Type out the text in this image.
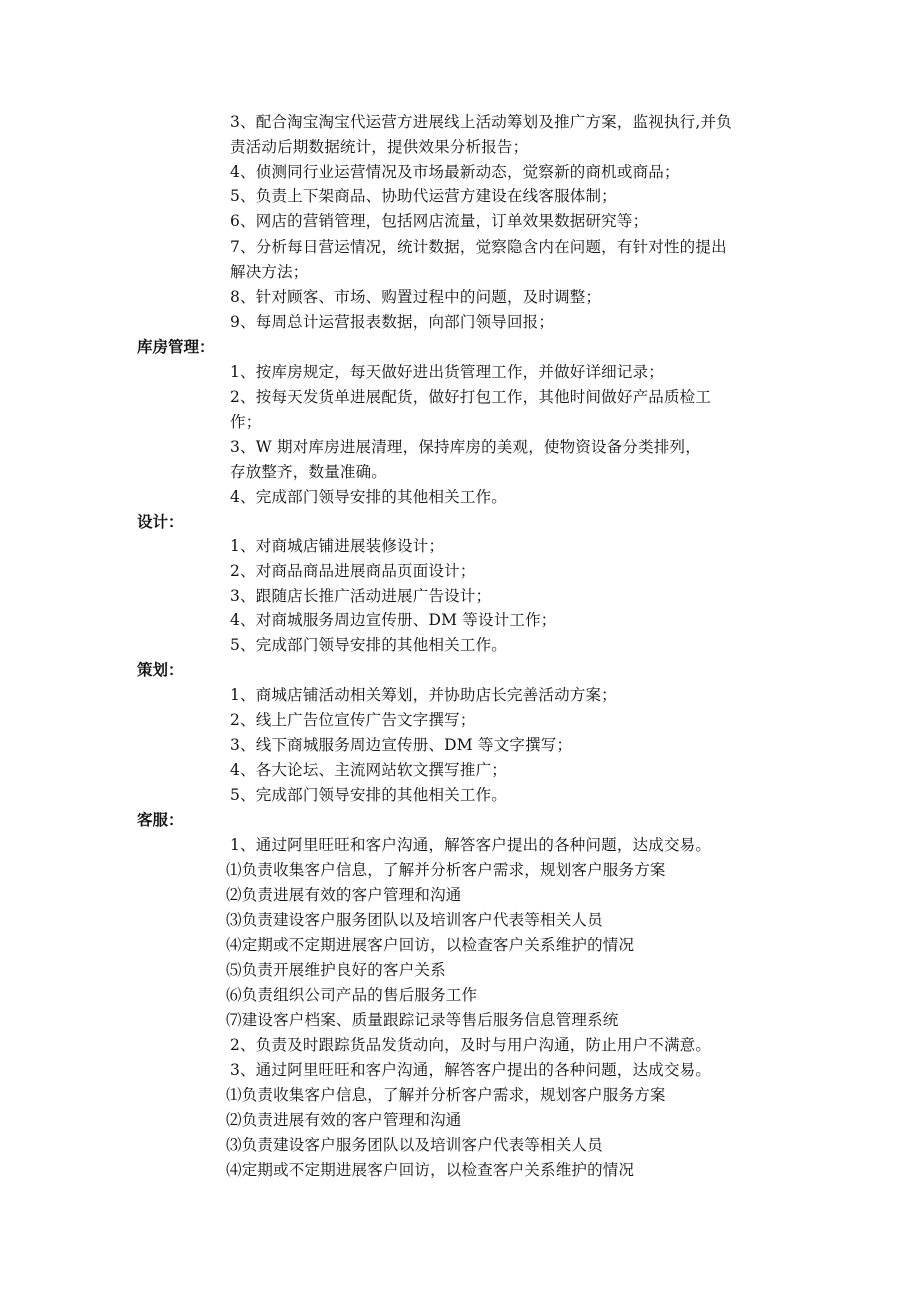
3、配合淘宝淘宝代运营方进展线上活动筹划及推广方案，监视执行,并负
责活动后期数据统计，提供效果分析报告；
4、侦测同行业运营情况及市场最新动态，觉察新的商机或商品；
5、负责上下架商品、协助代运营方建设在线客服体制；
6、网店的营销管理，包括网店流量，订单效果数据研究等；
7、分析每日营运情况，统计数据，觉察隐含内在问题，有针对性的提出
解决方法；
8、针对顾客、市场、购置过程中的问题，及时调整；
9、每周总计运营报表数据，向部门领导回报；
库房管理：
1、按库房规定，每天做好进出货管理工作，并做好详细记录；
2、按每天发货单进展配货，做好打包工作，其他时间做好产品质检工
作；
3、W 期对库房进展清理，保持库房的美观，使物资设备分类排列，
存放整齐，数量准确。
4、完成部门领导安排的其他相关工作。
设计：
1、对商城店铺进展装修设计；
2、对商品商品进展商品页面设计；
3、跟随店长推广活动进展广告设计；
4、对商城服务周边宣传册、DM 等设计工作；
5、完成部门领导安排的其他相关工作。
策划：
1、商城店铺活动相关筹划，并协助店长完善活动方案；
2、线上广告位宣传广告文字撰写；
3、线下商城服务周边宣传册、DM 等文字撰写；
4、各大论坛、主流网站软文撰写推广；
5、完成部门领导安排的其他相关工作。
客服：
1、通过阿里旺旺和客户沟通，解答客户提出的各种问题，达成交易。
⑴负责收集客户信息，了解并分析客户需求，规划客户服务方案
⑵负责进展有效的客户管理和沟通
⑶负责建设客户服务团队以及培训客户代表等相关人员
⑷定期或不定期进展客户回访，以检查客户关系维护的情况
⑸负责开展维护良好的客户关系
⑹负责组织公司产品的售后服务工作
⑺建设客户档案、质量跟踪记录等售后服务信息管理系统
2、负责及时跟踪货品发货动向，及时与用户沟通，防止用户不满意。
3、通过阿里旺旺和客户沟通，解答客户提出的各种问题，达成交易。
⑴负责收集客户信息，了解并分析客户需求，规划客户服务方案
⑵负责进展有效的客户管理和沟通
⑶负责建设客户服务团队以及培训客户代表等相关人员
⑷定期或不定期进展客户回访，以检查客户关系维护的情况
